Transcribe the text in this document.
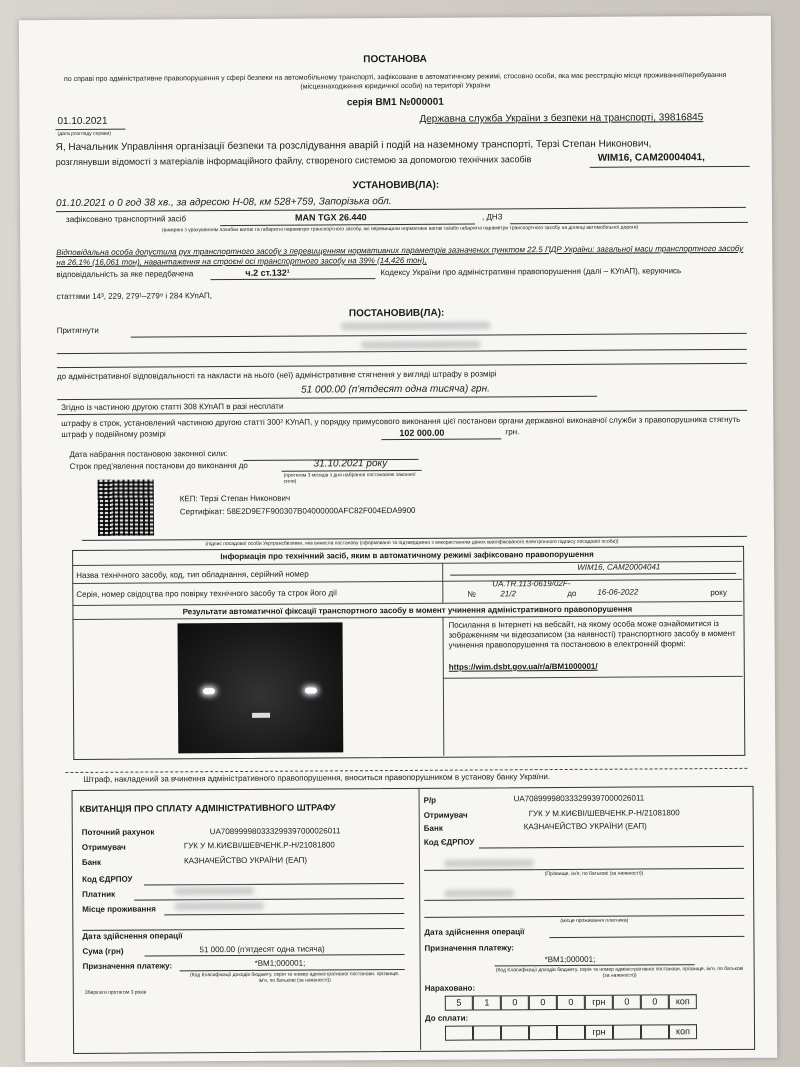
ПОСТАНОВА
по справі про адміністративне правопорушення у сфері безпеки на автомобільному транспорті, зафіксоване в автоматичному режимі, стосовно особи, яка має реєстрацію місця проживання/перебування (місцезнаходження юридичної особи) на території України
серія ВМ1 №000001
01.10.2021
(дата розгляду справи)
Державна служба України з безпеки на транспорті, 39816845
Я, Начальник Управління організації безпеки та розслідування аварій і подій на наземному транспорті, Терзі Степан Никонович,
розглянувши відомості з матеріалів інформаційного файлу, створеного системою за допомогою технічних засобів	WIM16, CAM20004041,
УСТАНОВИВ(ЛА):
01.10.2021 о 0 год 38 хв., за адресою Н-08, км 528+759, Запорізька обл.
зафіксовано транспортний засіб	MAN TGX 26.440	, ДНЗ
(вимірені з урахуванням похибки вагові та габаритні параметри транспортного засобу, які перевищили нормативні вагові та/або габаритні параметри транспортного засобу на ділянці автомобільної дороги)
Відповідальна особа допустила рух транспортного засобу з перевищенням нормативних параметрів зазначених пунктом 22.5 ПДР України: загальної маси транспортного засобу на 26,1% (16,061 тон), навантаження на строєні осі транспортного засобу на 39% (14,426 тон),
відповідальність за яке передбачена	ч.2 ст.132¹	Кодексу України про адміністративні правопорушення (далі – КУпАП), керуючись
статтями 14³, 229, 279¹–279⁸ і 284 КУпАП,
ПОСТАНОВИВ(ЛА):
Притягнути
до адміністративної відповідальності та накласти на нього (неї) адміністративне стягнення у вигляді штрафу в розмірі
51 000.00 (п'ятдесят одна тисяча) грн.
Згідно із частиною другою статті 308 КУпАП в разі несплати
штрафу в строк, установлений частиною другою статті 300² КУпАП, у порядку примусового виконання цієї постанови органи державної виконавчої служби з правопорушника стягнуть штраф у подвійному розмірі	102 000.00	грн.
Дата набрання постановою законної сили:
Строк пред'явлення постанови до виконання до	31.10.2021 року
(протягом 3 місяців з дня набрання постановою законної сили)
КЕП: Терзі Степан Никонович
Сертифікат: 58E2D9E7F900307B04000000AFC82F004EDA9900
(підпис посадової особи Укртрансбезпеки, яка винесла постанову (сформовано та підтверджено з використанням даних кваліфікованого електронного підпису посадової особи))
Інформація про технічний засіб, яким в автоматичному режимі зафіксовано правопорушення
Назва технічного засобу, код, тип обладнання, серійний номер
WIM16, CAM20004041
Серія, номер свідоцтва про повірку технічного засобу та строк його дії
UA.TR.113-0619/02F-
№	21/2	до	16-06-2022	року
Результати автоматичної фіксації транспортного засобу в момент учинення адміністративного правопорушення
Посилання в Інтернеті на вебсайт, на якому особа може ознайомитися із зображенням чи відеозаписом (за наявності) транспортного засобу в момент учинення правопорушення та постановою в електронній формі:
https://wim.dsbt.gov.ua/r/a/BM1000001/
Штраф, накладений за вчинення адміністративного правопорушення, вноситься правопорушником в установу банку України.
КВИТАНЦІЯ ПРО СПЛАТУ АДМІНІСТРАТИВНОГО ШТРАФУ
Поточний рахунок	UA708999980333299397000026011
Отримувач	ГУК У М.КИЄВІ/ШЕВЧЕНК.Р-Н/21081800
Банк	КАЗНАЧЕЙСТВО УКРАЇНИ (ЕАП)
Код ЄДРПОУ
Платник
Місце проживання
Дата здійснення операції
Сума (грн)	51 000.00 (п'ятдесят одна тисяча)
Призначення платежу:	*ВМ1;000001;
(Код Класифікації доходів бюджету, серія та номер адміністративної постанови, прізвище, ім'я, по батькові (за наявності))
Зберігати протягом 3 років
Р/р	UA708999980333299397000026011
Отримувач	ГУК У М.КИЄВІ/ШЕВЧЕНК.Р-Н/21081800
Банк	КАЗНАЧЕЙСТВО УКРАЇНИ (ЕАП)
Код ЄДРПОУ
(Прізвище, ім'я, по батькові (за наявності))
(місце проживання платника)
Дата здійснення операції
Призначення платежу:
*ВМ1;000001;
(Код Класифікації доходів бюджету, серія та номер адміністративної постанови, прізвище, ім'я, по батькові (за наявності))
Нараховано:
5	1	0	0	0	грн	0	0	коп
До сплати:
грн	коп
